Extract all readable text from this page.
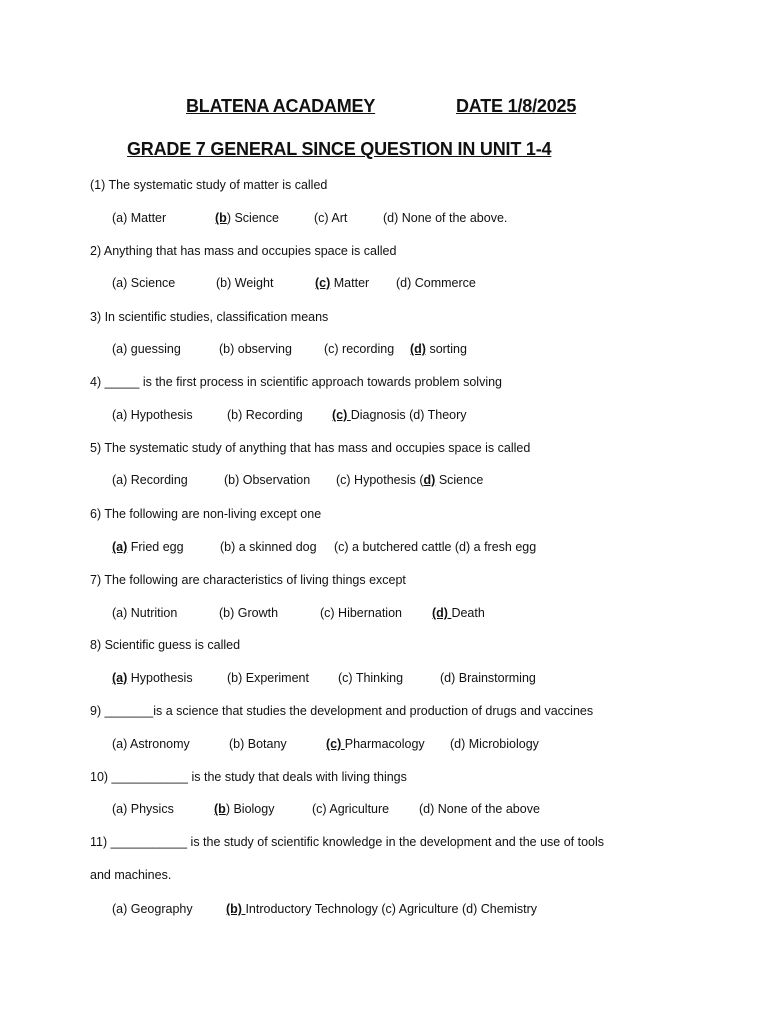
BLATENA ACADAMEY	DATE 1/8/2025
GRADE 7 GENERAL SINCE QUESTION IN UNIT 1-4
(1) The systematic study of matter is called
(a) Matter	(b) Science	(c) Art	(d) None of the above.
2) Anything that has mass and occupies space is called
(a) Science	(b) Weight	(c) Matter (d) Commerce
3) In scientific studies, classification means
(a) guessing	(b) observing	(c) recording (d) sorting
4) _____ is the first process in scientific approach towards problem solving
(a) Hypothesis	(b) Recording (c) Diagnosis (d) Theory
5) The systematic study of anything that has mass and occupies space is called
(a) Recording	(b) Observation (c) Hypothesis (d) Science
6) The following are non-living except one
(a) Fried egg	(b) a skinned dog (c) a butchered cattle (d) a fresh egg
7) The following are characteristics of living things except
(a) Nutrition	(b) Growth	(c) Hibernation (d) Death
8) Scientific guess is called
(a) Hypothesis	(b) Experiment (c) Thinking	(d) Brainstorming
9) _______is a science that studies the development and production of drugs and vaccines
(a) Astronomy	(b) Botany	(c) Pharmacology (d) Microbiology
10) ___________ is the study that deals with living things
(a) Physics	(b) Biology	(c) Agriculture (d) None of the above
11) ___________ is the study of scientific knowledge in the development and the use of tools
and machines.
(a) Geography	(b) Introductory Technology (c) Agriculture (d) Chemistry
